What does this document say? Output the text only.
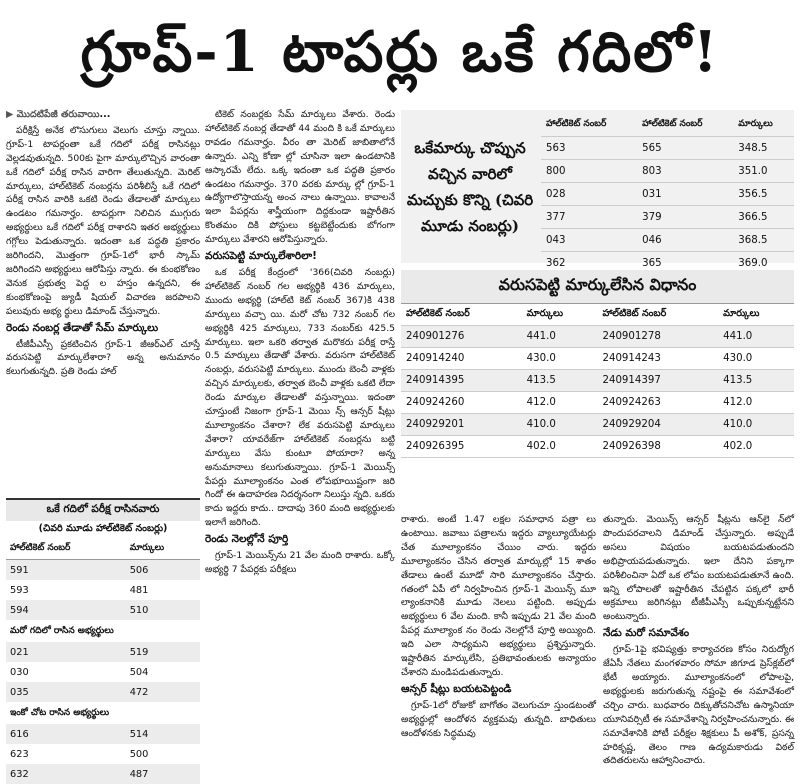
గ్రూప్‌-1 టాపర్లు ఒకే గదిలో!

▶ మొదటిపేజీ తరువాయి...

పరీక్షిస్తే అనేక లొసుగులు వెలుగు చూస్తు న్నాయి. గ్రూప్‌-1 టాపర్లంతా ఒకే గదిలో పరీక్ష రాసినట్లు వెల్లడవుతున్నది. 500కు పైగా మార్కులొచ్చిన వారంతా ఒకే గదిలో పరీక్ష రాసిన వారిగా తేలుతున్నది. మెరిట్‌ మార్కులు, హాల్‌టికెట్‌ నంబర్లను పరిశీలిస్తే ఒకే గదిలో పరీక్ష రాసిన వారికి ఒకటి రెండు తేడాలతో మార్కులు ఉండటం గమనార్హం. టాపర్లుగా నిలిచిన ముగ్గురు అభ్యర్థులు ఒకే గదిలో పరీక్ష రాశారని ఇతర అభ్యర్థులు గగ్గోలు పెడుతున్నారు. ఇదంతా ఒక పద్ధతి ప్రకారం జరిగిందని, మొత్తంగా గ్రూప్‌-1లో భారీ స్కామ్‌ జరిగిందని అభ్యర్థులు ఆరోపిస్తు న్నారు. ఈ కుంభకోణం వెనుక ప్రభుత్వ పెద్ద ల హస్తం ఉన్నదని, ఈ కుంభకోణంపై జ్యుడీ షియల్‌ విచారణ జరపాలని పలువురు అభ్య ర్థులు డిమాండ్‌ చేస్తున్నారు.

రెండు నంబర్ల తేడాతో సేమ్‌ మార్కులు

టీజీపీఎస్సీ ప్రకటించిన గ్రూప్‌-1 జీఆర్‌ఎల్‌ చూస్తే వరుసపెట్టి మార్కులేశారా? అన్న అనుమానం కలుగుతున్నది. ప్రతి రెండు హాల్‌

ఒకే గదిలో పరీక్ష రాసినవారు
(చివరి మూడు హాల్‌టికెట్‌ నంబర్లు)
హాల్‌టికెట్‌ నంబర్‌	మార్కులు
591	506
593	481
594	510
మరో గదిలో రాసిన అభ్యర్థులు	
021	519
030	504
035	472
ఇంకో చోట రాసిన అభ్యర్థులు	
616	514
623	500
632	487

టికెట్‌ నంబర్లకు సేమ్‌ మార్కులు వేశారు. రెండు హాల్‌టికెట్‌ నంబర్ల తేడాతో 44 మంది కి ఒకే మార్కులు రావడం గమనార్హం. వీరం తా మెరిట్‌ జాబితాలోనే ఉన్నారు. ఎన్ని కోణా ల్లో చూసినా ఇలా ఉండటానికి ఆస్కారమే లేదు. ఒక్క ఇదంతా ఒక పద్ధతి ప్రకారం ఉండటం గమనార్హం. 370 వరకు మార్కు ల్లో గ్రూప్‌-1 ఉద్యోగాలొస్తాయన్న అంచ నాలు ఉన్నాయి. కావాలనే ఇలా పేపర్లను శాస్త్రీయంగా దిద్దకుండా ఇష్టారీతిన కొంతమం దికి పోస్టులు కట్టబెట్టేందుకు బోగంగా మార్కులు వేశారని ఆరోపిస్తున్నారు.

వరుసపెట్టి మార్కులేశారిలా!

ఒక పరీక్ష కేంద్రంలో '366(చివరి నంబర్లు) హాల్‌టికెట్‌ నంబర్‌ గల అభ్యర్థికి 436 మార్కులు, ముందు అభ్యర్థి (హాల్‌టి కెట్‌ నంబర్‌ 367)కి 438 మార్కులు వచ్చా యి. మరో చోట 732 నంబర్‌ గల అభ్యర్థికి 425 మార్కులు, 733 నంబర్‌కు 425.5 మార్కులు. ఇలా ఒకరి తర్వాత మరొకరు పరీక్ష రాస్తే 0.5 మార్కులు తేడాతో వేశారు. వరుసగా హాల్‌టికెట్‌ నంబర్లు, వరుసపెట్టి మార్కులు. ముందు బెంచీ వాళ్లకు వచ్చిన మార్కులకు, తర్వాత బెంచీ వాళ్లకు ఒకటి లేదా రెండు మార్కుల తేడాలతో వస్తున్నాయి. ఇదంతా చూస్తుంటే నిజంగా గ్రూప్‌-1 మెయి న్స్‌ ఆన్సర్‌ షీట్లు మూల్యాంకనం చేశారా? లేక వరుసపెట్టి మార్కులు వేశారా? యావరేజ్‌గా హాల్‌టికెట్‌ నంబర్లను బట్టి మార్కులు వేసు కుంటూ పోయారా? అన్న అనుమానాలు కలుగుతున్నాయి. గ్రూప్‌-1 మెయిన్స్‌ పేపర్లు మూల్యాంకనం ఎంత లోపభూయిష్టంగా జరి గిందో ఈ ఉదాహరణ నిదర్శనంగా నిలుస్తు న్నది. ఒకరు కాదు ఇద్దరు కాదు.. దాదాపు 360 మంది అభ్యర్థులకు ఇలాగే జరిగింది.

రెండు నెలల్లోనే పూర్తి

గ్రూప్‌-1 మెయిన్స్‌ను 21 వేల మంది రాశారు. ఒక్కో అభ్యర్థి 7 పేపర్లకు పరీక్షలు

ఒకేమార్కు చొప్పున వచ్చిన వారిలో మచ్చుకు కొన్ని (చివరి మూడు నంబర్లు)
హాల్‌టికెట్‌ నంబర్‌	హాల్‌టికెట్‌ నంబర్‌	మార్కులు
563	565	348.5
800	803	351.0
028	031	356.5
377	379	366.5
043	046	368.5
362	365	369.0
వరుసపెట్టి మార్కులేసిన విధానం
హాల్‌టికెట్‌ నంబర్‌	మార్కులు	హాల్‌టికెట్‌ నంబర్‌	మార్కులు
240901276	441.0	240901278	441.0
240914240	430.0	240914243	430.0
240914395	413.5	240914397	413.5
240924260	412.0	240924263	412.0
240929201	410.0	240929204	410.0
240926395	402.0	240926398	402.0

రాశారు. అంటే 1.47 లక్షల సమాధాన పత్రా లు ఉంటాయి. జవాబు పత్రాలను ఇద్దరు వ్యాల్యూయేటర్లు చేత మూల్యాంకనం చేయిం చారు. ఇద్దరు మూల్యాంకనం చేసిన తర్వాత మార్కుల్లో 15 శాతం తేడాలు ఉంటే మూడో సారి మూల్యాంకనం చేస్తారు. గతంలో ఏపీ లో నిర్వహించిన గ్రూప్‌-1 మెయిన్స్‌ మూ ల్యాంకనానికి మూడు నెలలు పట్టింది. అప్పుడు అభ్యర్థులు 6 వేల మంది. కానీ ఇప్పుడు 21 వేల మంది పేపర్ల మూల్యాంక నం రెండు నెలల్లోనే పూర్తి అయ్యింది. ఇది ఎలా సాధ్యమని అభ్యర్థులు ప్రశ్నిస్తున్నారు. ఇష్టారీతిన మార్కులేసి, ప్రతిభావంతులకు అన్యాయం చేశారని మండిపడుతున్నారు.

ఆన్సర్‌ షీట్లు బయటపెట్టండి

గ్రూప్‌-1లో రోజుకో బాగోతం వెలుగుచూ స్తుండటంతో అభ్యర్థుల్లో ఆందోళన వ్యక్తమవు తున్నది. బాధితులు ఆందోళనకు సిద్ధమవు

తున్నారు. మెయిన్స్‌ ఆన్సర్‌ షీట్లను ఆన్‌లై న్‌లో పొందుపరచాలని డిమాండ్‌ చేస్తున్నారు. అప్పుడే అసలు విషయం బయటపడుతుందని అభిప్రాయపడుతున్నారు. ఇలా దేనిని పక్కాగా పరిశీలించినా ఏదో ఒక లోపం బయటపడుతూనే ఉంది. ఇన్ని లోపాలతో ఇష్టారీతిన చేపట్టిన పక్కలో భారీ అక్రమాలు జరిగినట్లు టీజీపీఎస్సీ ఒప్పుకున్నట్టేనని అంటున్నారు.

నేడు మరో సమావేశం

గ్రూప్‌-1పై భవిష్యత్తు కార్యాచరణ కోసం నిరుద్యోగ జేఏసీ నేతలు మంగళవారం సోమా జిగూడ ప్రెస్‌క్లబ్‌లో భేటీ అయ్యారు. మూల్యాంకనంలో లోపాలపై, అభ్యర్థులకు జరుగుతున్న నష్టంపై ఈ సమావేశంలో చర్చిం చారు. బుధవారం దిక్కుతోచనిచోట ఉస్మానియా యూనివర్సిటీ ఈ సమావేశాన్ని నిర్వహించనున్నారు. ఈ సమావేశానికి పోటీ పరీక్షల శిక్షకులు పీ అశోక్‌, ప్రసన్న హరికృష్ణ, తెలం గాణ ఉద్యమకారుడు విఠల్‌ తదితరులను ఆహ్వానించారు.
